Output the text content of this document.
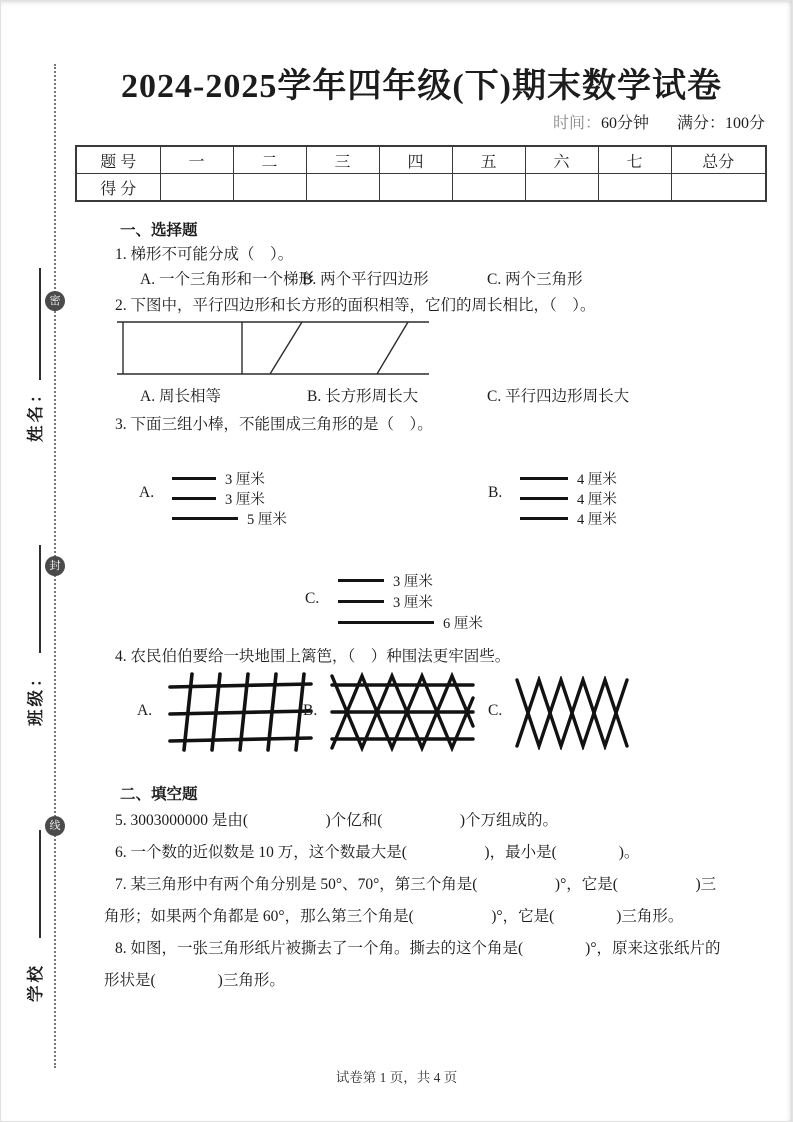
密
封
线
姓名：
班级：
学校
2024-2025学年四年级(下)期末数学试卷
时间：60分钟 满分：100分
题 号	一	二	三	四	五	六	七	总分
得 分								
一、选择题
1. 梯形不可能分成（　）。
A. 一个三角形和一个梯形
B. 两个平行四边形	C. 两个三角形
2. 下图中，平行四边形和长方形的面积相等，它们的周长相比，（　）。
A. 周长相等	B. 长方形周长大	C. 平行四边形周长大
3. 下面三组小棒，不能围成三角形的是（　）。
A.
3 厘米
3 厘米
5 厘米
B.
4 厘米
4 厘米
4 厘米
C.
3 厘米
3 厘米
6 厘米
4. 农民伯伯要给一块地围上篱笆，（　）种围法更牢固些。
A.	B.	C.
二、填空题
5. 3003000000 是由(　　　　　)个亿和(　　　　　)个万组成的。
6. 一个数的近似数是 10 万，这个数最大是(　　　　　)，最小是(　　　　)。
7. 某三角形中有两个角分别是 50°、70°，第三个角是(　　　　　)°，它是(　　　　　)三
角形；如果两个角都是 60°，那么第三个角是(　　　　　)°，它是(　　　　)三角形。
8. 如图，一张三角形纸片被撕去了一个角。撕去的这个角是(　　　　)°，原来这张纸片的
形状是(　　　　)三角形。
试卷第 1 页，共 4 页
